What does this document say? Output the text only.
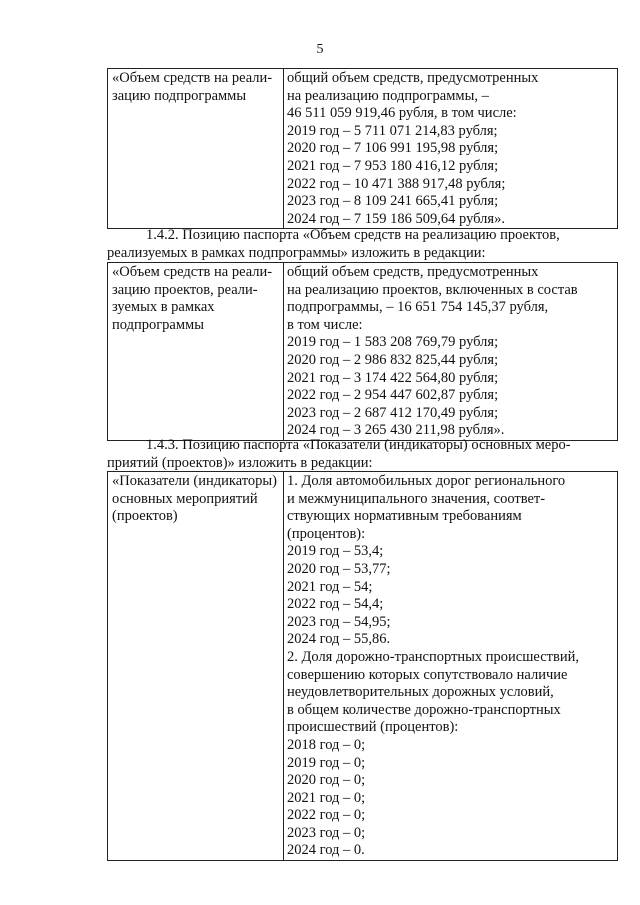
5
«Объем средств на реали-
зацию подпрограммы
общий объем средств, предусмотренных
на реализацию подпрограммы, –
46 511 059 919,46 рубля, в том числе:
2019 год – 5 711 071 214,83 рубля;
2020 год – 7 106 991 195,98 рубля;
2021 год – 7 953 180 416,12 рубля;
2022 год – 10 471 388 917,48 рубля;
2023 год – 8 109 241 665,41 рубля;
2024 год – 7 159 186 509,64 рубля».
1.4.2. Позицию паспорта «Объем средств на реализацию проектов,
реализуемых в рамках подпрограммы» изложить в редакции:
«Объем средств на реали-
зацию проектов, реали-
зуемых в рамках
подпрограммы
общий объем средств, предусмотренных
на реализацию проектов, включенных в состав
подпрограммы, – 16 651 754 145,37 рубля,
в том числе:
2019 год – 1 583 208 769,79 рубля;
2020 год – 2 986 832 825,44 рубля;
2021 год – 3 174 422 564,80 рубля;
2022 год – 2 954 447 602,87 рубля;
2023 год – 2 687 412 170,49 рубля;
2024 год – 3 265 430 211,98 рубля».
1.4.3. Позицию паспорта «Показатели (индикаторы) основных меро-
приятий (проектов)» изложить в редакции:
«Показатели (индикаторы)
основных мероприятий
(проектов)
1. Доля автомобильных дорог регионального
и межмуниципального значения, соответ-
ствующих нормативным требованиям
(процентов):
2019 год – 53,4;
2020 год – 53,77;
2021 год – 54;
2022 год – 54,4;
2023 год – 54,95;
2024 год – 55,86.
2. Доля дорожно-транспортных происшествий,
совершению которых сопутствовало наличие
неудовлетворительных дорожных условий,
в общем количестве дорожно-транспортных
происшествий (процентов):
2018 год – 0;
2019 год – 0;
2020 год – 0;
2021 год – 0;
2022 год – 0;
2023 год – 0;
2024 год – 0.
